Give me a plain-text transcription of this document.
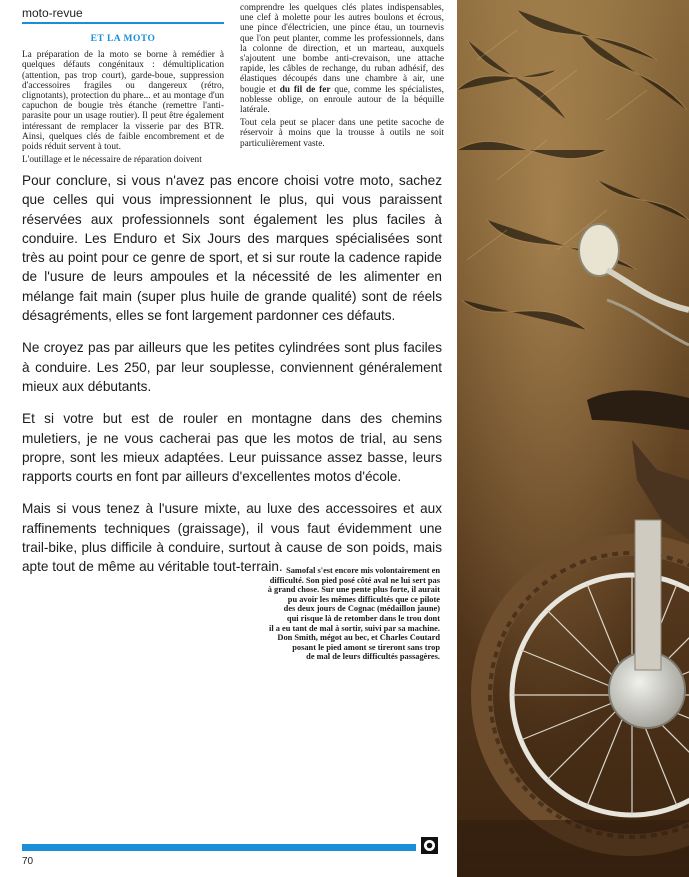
moto-revue
ET LA MOTO

La préparation de la moto se borne à remédier à quelques défauts congénitaux : démultiplication (attention, pas trop court), garde-boue, suppression d'accessoires fragiles ou dangereux (rétro, clignotants), protection du phare... et au montage d'un capuchon de bougie très étanche (remettre l'anti-parasite pour un usage routier). Il peut être également intéressant de remplacer la visserie par des BTR. Ainsi, quelques clés de faible encombrement et de poids réduit servent à tout.

L'outillage et le nécessaire de réparation doivent

comprendre les quelques clés plates indispensables, une clef à molette pour les autres boulons et écrous, une pince d'électricien, une pince étau, un tournevis que l'on peut planter, comme les professionnels, dans la colonne de direction, et un marteau, auxquels s'ajoutent une bombe anti-crevaison, une attache rapide, les câbles de rechange, du ruban adhésif, des élastiques découpés dans une chambre à air, une bougie et du fil de fer que, comme les spécialistes, noblesse oblige, on enroule autour de la béquille latérale.

Tout cela peut se placer dans une petite sacoche de réservoir à moins que la trousse à outils ne soit particulièrement vaste.

Pour conclure, si vous n'avez pas encore choisi votre moto, sachez que celles qui vous impressionnent le plus, qui vous paraissent réservées aux professionnels sont également les plus faciles à conduire. Les Enduro et Six Jours des marques spécialisées sont très au point pour ce genre de sport, et si sur route la cadence rapide de l'usure de leurs ampoules et la nécessité de les alimenter en mélange fait main (super plus huile de grande qualité) sont de réels désagréments, elles se font largement pardonner ces défauts.

Ne croyez pas par ailleurs que les petites cylindrées sont plus faciles à conduire. Les 250, par leur souplesse, conviennent généralement mieux aux débutants.

Et si votre but est de rouler en montagne dans des chemins muletiers, je ne vous cacherai pas que les motos de trial, au sens propre, sont les mieux adaptées. Leur puissance assez basse, leurs rapports courts en font par ailleurs d'excellentes motos d'école.

Mais si vous tenez à l'usure mixte, au luxe des accessoires et aux raffinements techniques (graissage), il vous faut évidemment une trail-bike, plus difficile à conduire, surtout à cause de son poids, mais apte tout de même au véritable tout-terrain. Samofal s'est encore mis volontairement en
difficulté. Son pied posé côté aval ne lui sert pas
à grand chose. Sur une pente plus forte, il aurait
pu avoir les mêmes difficultés que ce pilote
des deux jours de Cognac (médaillon jaune)
qui risque là de retomber dans le trou dont
il a eu tant de mal à sortir, suivi par sa machine.
Don Smith, mégot au bec, et Charles Coutard
posant le pied amont se tireront sans trop
de mal de leurs difficultés passagères.
70
